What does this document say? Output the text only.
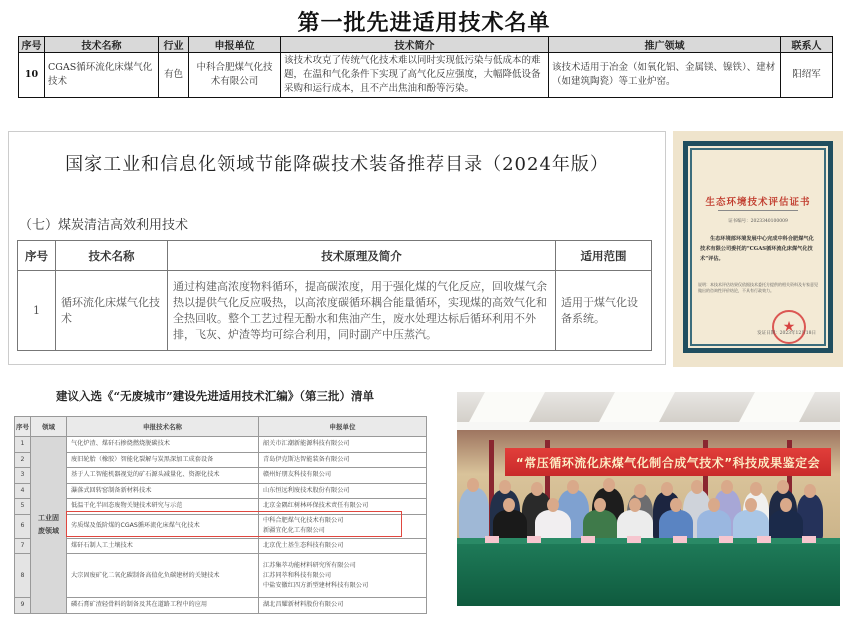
第一批先进适用技术名单
序号	技术名称	行业	申报单位	技术简介	推广领域	联系人
10	CGAS循环流化床煤气化技术	有色	中科合肥煤气化技术有限公司	该技术攻克了传统气化技术难以同时实现低污染与低成本的难题，在温和气化条件下实现了高气化反应强度，大幅降低设备采购和运行成本，且不产出焦油和酚等污染。	该技术适用于冶金（如氧化铝、金属镁、镍铁）、建材（如建筑陶瓷）等工业炉窑。	阳绍军
国家工业和信息化领域节能降碳技术装备推荐目录（2024年版）
（七）煤炭清洁高效利用技术
序号	技术名称	技术原理及简介	适用范围
1	循环流化床煤气化技术	通过构建高浓度物料循环，提高碳浓度，用于强化煤的气化反应，回收煤气余热以提供气化反应吸热，以高浓度碳循环耦合能量循环，实现煤的高效气化和全热回收。整个工艺过程无酚水和焦油产生，废水处理达标后循环利用不外排，飞灰、炉渣等均可综合利用，同时副产中压蒸汽。	适用于煤气化设备系统。
生态环境技术评估证书
证书编号：2023340100009
生态环境部环境发展中心完成中科合肥煤气化技术有限公司委托的“CGAS循环流化床煤气化技术”评估。
说明：本技术评估结果仅依据技术委托方提供的相关资料及专家意见做出的咨询性评价结论，不具有行政效力。
★
发证日期：2023年12月18日
建议入选《“无废城市”建设先进适用技术汇编》（第三批）清单
序号	领域	申报技术名称	申报单位
1	工业固废领域	气化炉渣、煤矸石掺烧燃烧脱碳技术	韶关市汇潮新能源科技有限公司
2		废旧轮胎（橡胶）智能化裂解与炭黑深加工成套设备	青岛伊克斯达智能装备有限公司
3		基于人工智能机器视觉的矿石源头减量化、资源化技术	赣州好朋友科技有限公司
4		瀑落式回转窑制备新材料技术	山东恒远利废技术股份有限公司
5		低温干化半固态废物关键技术研究与示范	北京金隅红树林环保技术责任有限公司
6		劣质煤及低阶煤的CGAS循环流化床煤气化技术	中科合肥煤气化技术有限公司
新疆宜化化工有限公司

7		煤矸石制人工土壤技术	北京优土基生态科技有限公司
8		大宗固废矿化二氧化碳制备高值化负碳建材的关键技术	江苏集萃功能材料研究所有限公司
江苏同萃和科技有限公司
中盐安徽红四方新型建材科技有限公司

9		磷石膏矿渣轻骨料的制备及其在道路工程中的应用	湖北昌耀新材料股份有限公司
“常压循环流化床煤气化制合成气技术”科技成果鉴定会
